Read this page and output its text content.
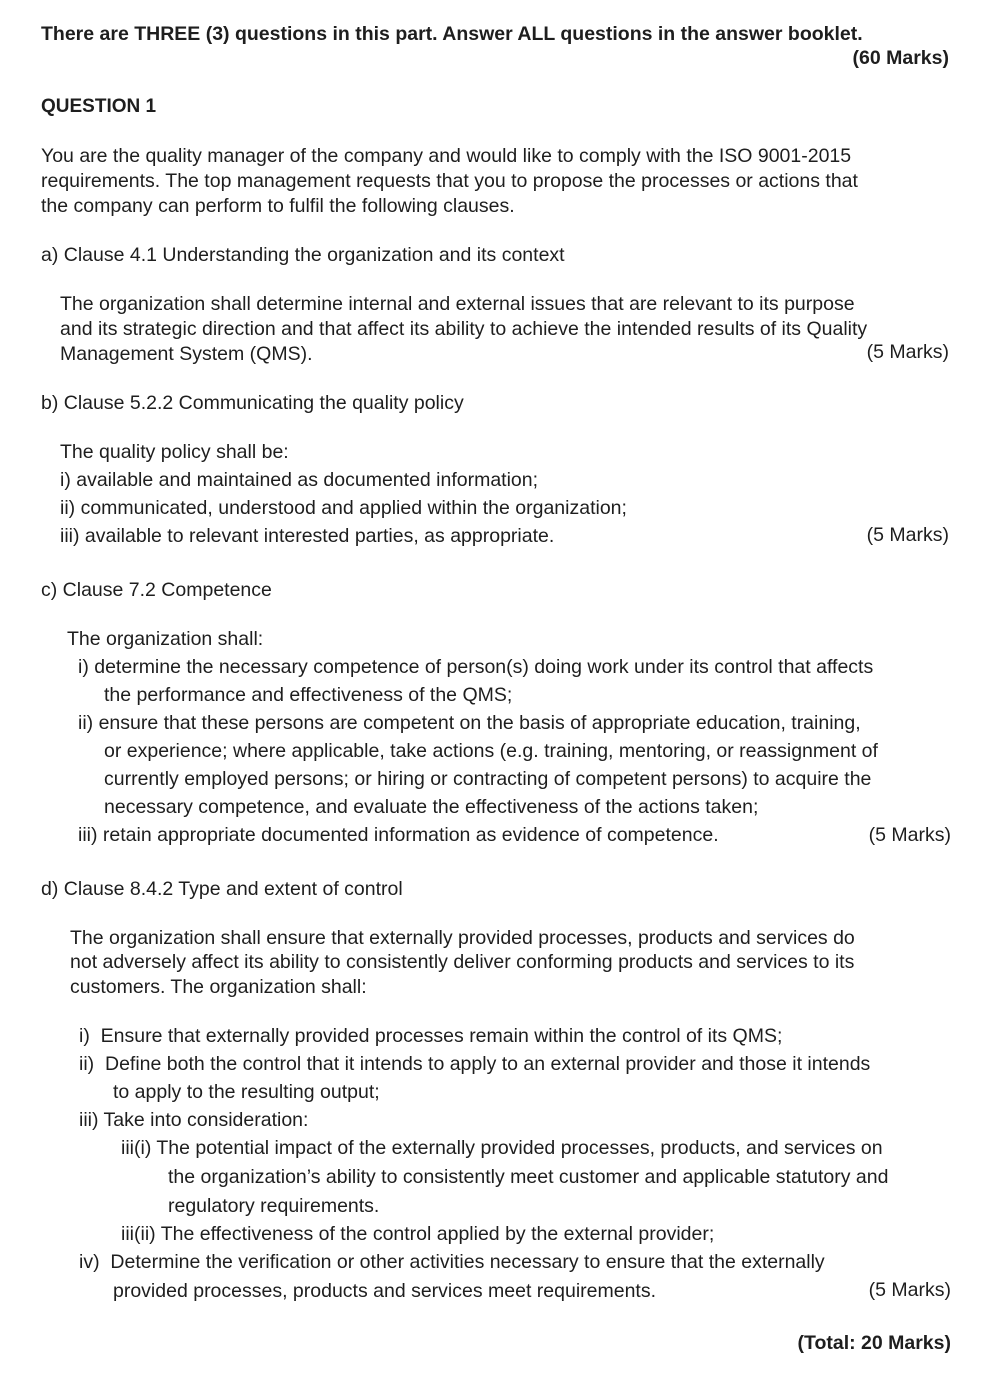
There are THREE (3) questions in this part. Answer ALL questions in the answer booklet.
(60 Marks)
QUESTION 1
You are the quality manager of the company and would like to comply with the ISO 9001-2015
requirements. The top management requests that you to propose the processes or actions that
the company can perform to fulfil the following clauses.
a) Clause 4.1 Understanding the organization and its context
The organization shall determine internal and external issues that are relevant to its purpose
and its strategic direction and that affect its ability to achieve the intended results of its Quality
Management System (QMS).	(5 Marks)
b) Clause 5.2.2 Communicating the quality policy
The quality policy shall be:
i) available and maintained as documented information;
ii) communicated, understood and applied within the organization;
iii) available to relevant interested parties, as appropriate.	(5 Marks)
c) Clause 7.2 Competence
The organization shall:
i) determine the necessary competence of person(s) doing work under its control that affects
the performance and effectiveness of the QMS;
ii) ensure that these persons are competent on the basis of appropriate education, training,
or experience; where applicable, take actions (e.g. training, mentoring, or reassignment of
currently employed persons; or hiring or contracting of competent persons) to acquire the
necessary competence, and evaluate the effectiveness of the actions taken;
iii) retain appropriate documented information as evidence of competence.	(5 Marks)
d) Clause 8.4.2 Type and extent of control
The organization shall ensure that externally provided processes, products and services do
not adversely affect its ability to consistently deliver conforming products and services to its
customers. The organization shall:
i)  Ensure that externally provided processes remain within the control of its QMS;
ii)  Define both the control that it intends to apply to an external provider and those it intends
to apply to the resulting output;
iii) Take into consideration:
iii(i) The potential impact of the externally provided processes, products, and services on
the organization’s ability to consistently meet customer and applicable statutory and
regulatory requirements.
iii(ii) The effectiveness of the control applied by the external provider;
iv)  Determine the verification or other activities necessary to ensure that the externally
provided processes, products and services meet requirements.	(5 Marks)
(Total: 20 Marks)
